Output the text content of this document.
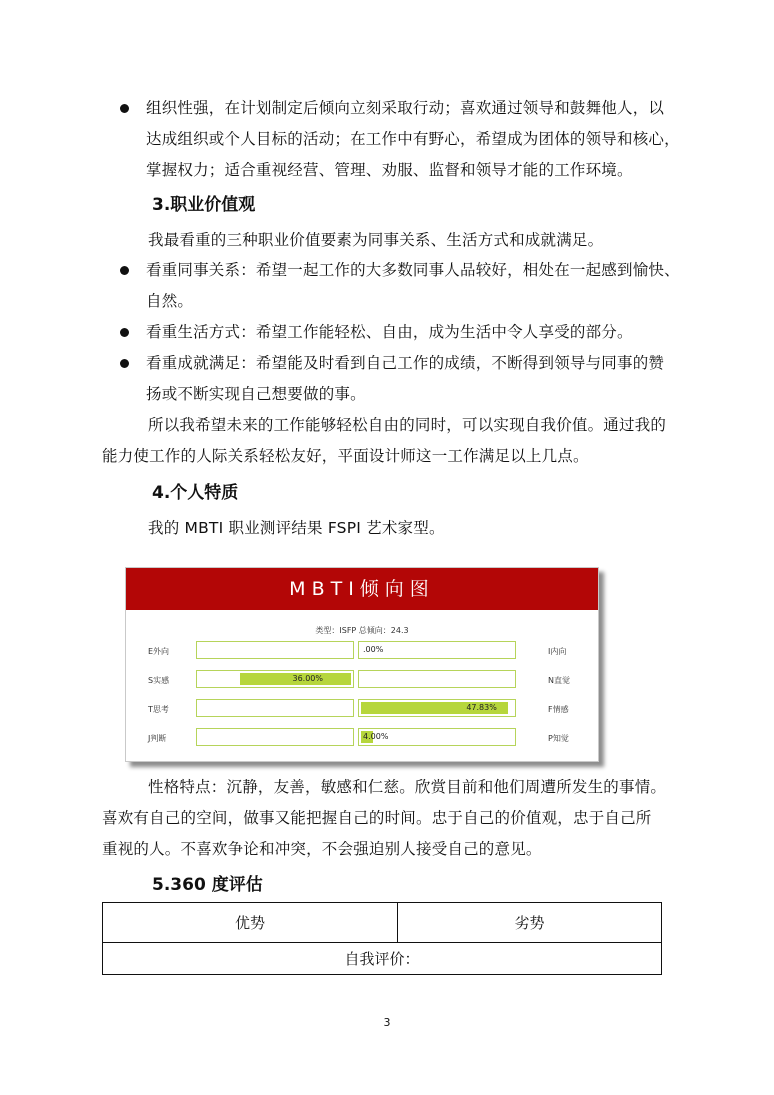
组织性强，在计划制定后倾向立刻采取行动；喜欢通过领导和鼓舞他人，以
达成组织或个人目标的活动；在工作中有野心，希望成为团体的领导和核心，
掌握权力；适合重视经营、管理、劝服、监督和领导才能的工作环境。
3.职业价值观
我最看重的三种职业价值要素为同事关系、生活方式和成就满足。
看重同事关系：希望一起工作的大多数同事人品较好，相处在一起感到愉快、
自然。
看重生活方式：希望工作能轻松、自由，成为生活中令人享受的部分。
看重成就满足：希望能及时看到自己工作的成绩，不断得到领导与同事的赞
扬或不断实现自己想要做的事。
所以我希望未来的工作能够轻松自由的同时，可以实现自我价值。通过我的
能力使工作的人际关系轻松友好，平面设计师这一工作满足以上几点。
4.个人特质
我的 MBTI 职业测评结果 FSPI 艺术家型。
MBTI倾向图
类型：ISFP 总倾向：24.3
E外向	I内向
.00%
S实感	N直觉
36.00%
T思考	F情感
47.83%
J判断	P知觉
4.00%
性格特点：沉静，友善，敏感和仁慈。欣赏目前和他们周遭所发生的事情。
喜欢有自己的空间，做事又能把握自己的时间。忠于自己的价值观，忠于自己所
重视的人。不喜欢争论和冲突，不会强迫别人接受自己的意见。
5.360 度评估
优势	劣势
自我评价：
3
